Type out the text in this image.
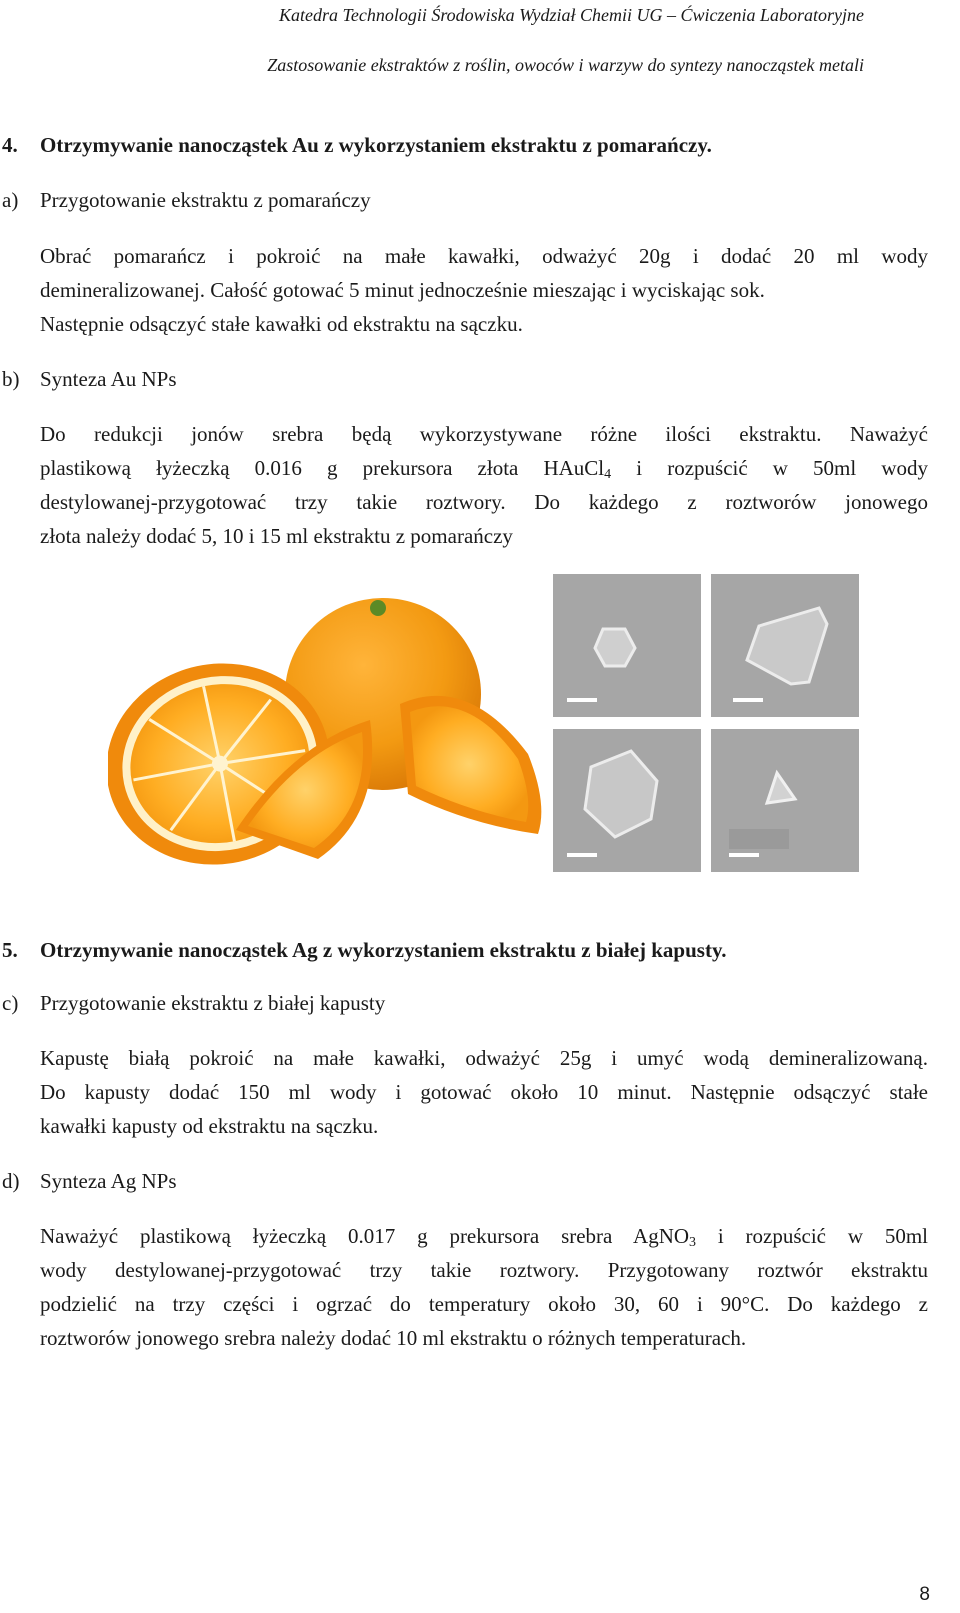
Katedra Technologii Środowiska Wydział Chemii UG – Ćwiczenia Laboratoryjne
Zastosowanie ekstraktów z roślin, owoców i warzyw do syntezy nanocząstek metali
4. Otrzymywanie nanocząstek Au z wykorzystaniem ekstraktu z pomarańczy.
a) Przygotowanie ekstraktu z pomarańczy
Obrać pomarańcz i pokroić na małe kawałki, odważyć 20g i dodać 20 ml wody
demineralizowanej. Całość gotować 5 minut jednocześnie mieszając i wyciskając sok.
Następnie odsączyć stałe kawałki od ekstraktu na sączku.
b) Synteza Au NPs
Do redukcji jonów srebra będą wykorzystywane różne ilości ekstraktu. Naważyć
plastikową łyżeczką 0.016 g prekursora złota HAuCl$_4$ i rozpuścić w 50ml wody
destylowanej-przygotować trzy takie roztwory. Do każdego z roztworów jonowego
złota należy dodać 5, 10 i 15 ml ekstraktu z pomarańczy
5. Otrzymywanie nanocząstek Ag z wykorzystaniem ekstraktu z białej kapusty.
c) Przygotowanie ekstraktu z białej kapusty
Kapustę białą pokroić na małe kawałki, odważyć 25g i umyć wodą demineralizowaną.
Do kapusty dodać 150 ml wody i gotować około 10 minut. Następnie odsączyć stałe
kawałki kapusty od ekstraktu na sączku.
d) Synteza Ag NPs
Naważyć plastikową łyżeczką 0.017 g prekursora srebra AgNO$_3$ i rozpuścić w 50ml
wody destylowanej-przygotować trzy takie roztwory. Przygotowany roztwór ekstraktu
podzielić na trzy części i ogrzać do temperatury około 30, 60 i 90°C. Do każdego z
roztworów jonowego srebra należy dodać 10 ml ekstraktu o różnych temperaturach.
8
